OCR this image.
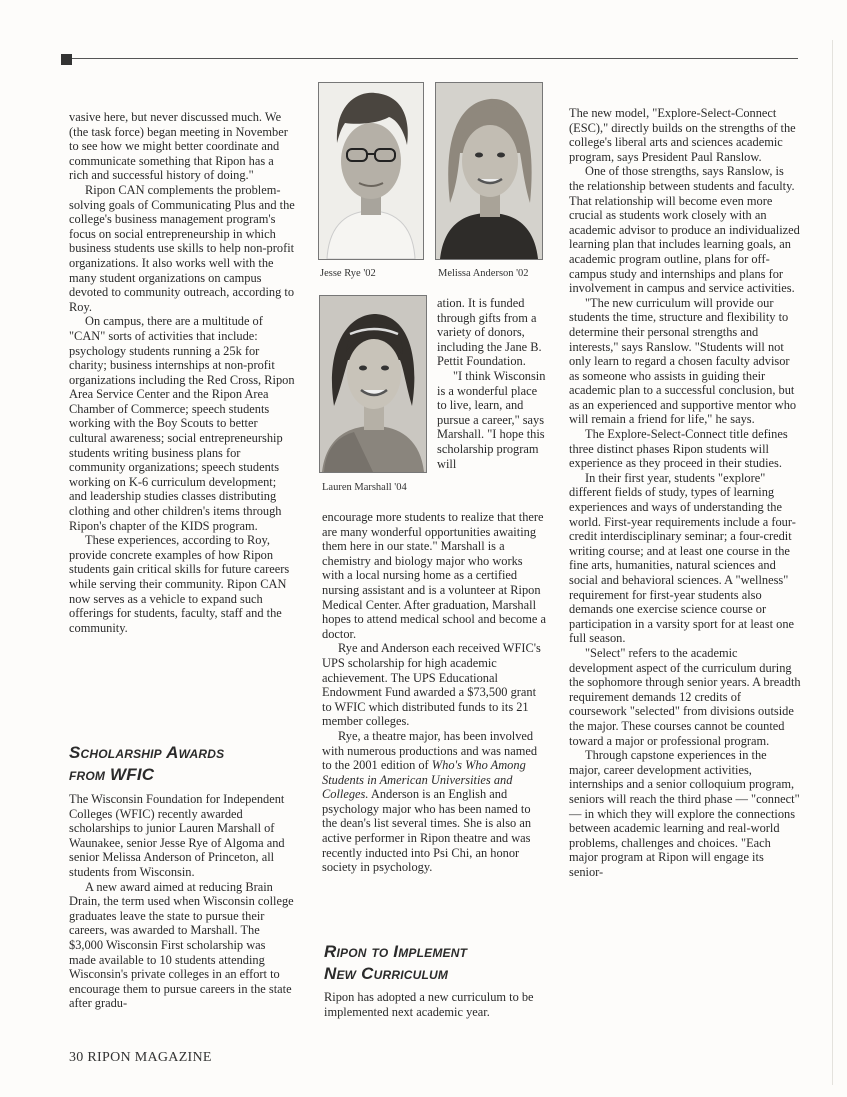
vasive here, but never discussed much. We (the task force) began meeting in November to see how we might better coordinate and communicate something that Ripon has a rich and successful history of doing."

Ripon CAN complements the problem-solving goals of Communicating Plus and the college's business management program's focus on social entrepreneurship in which business students use skills to help non-profit organizations. It also works well with the many student organizations on campus devoted to community outreach, according to Roy.

On campus, there are a multitude of "CAN" sorts of activities that include: psychology students running a 25k for charity; business internships at non-profit organizations including the Red Cross, Ripon Area Service Center and the Ripon Area Chamber of Commerce; speech students working with the Boy Scouts to better cultural awareness; social entrepreneurship students writing business plans for community organizations; speech students working on K-6 curriculum development; and leadership studies classes distributing clothing and other children's items through Ripon's chapter of the KIDS program.

These experiences, according to Roy, provide concrete examples of how Ripon students gain critical skills for future careers while serving their community. Ripon CAN now serves as a vehicle to expand such offerings for students, faculty, staff and the community.

Scholarship Awards

from WFIC

The Wisconsin Foundation for Independent Colleges (WFIC) recently awarded scholarships to junior Lauren Marshall of Waunakee, senior Jesse Rye of Algoma and senior Melissa Anderson of Princeton, all students from Wisconsin.

A new award aimed at reducing Brain Drain, the term used when Wisconsin college graduates leave the state to pursue their careers, was awarded to Marshall. The $3,000 Wisconsin First scholarship was made available to 10 students attending Wisconsin's private colleges in an effort to encourage them to pursue careers in the state after gradu-

Jesse Rye '02	Melissa Anderson '02
Lauren Marshall '04

ation. It is funded through gifts from a variety of donors, including the Jane B. Pettit Foundation.

"I think Wisconsin is a wonderful place to live, learn, and pursue a career," says Marshall. "I hope this scholarship program will

encourage more students to realize that there are many wonderful opportunities awaiting them here in our state." Marshall is a chemistry and biology major who works with a local nursing home as a certified nursing assistant and is a volunteer at Ripon Medical Center. After graduation, Marshall hopes to attend medical school and become a doctor.

Rye and Anderson each received WFIC's UPS scholarship for high academic achievement. The UPS Educational Endowment Fund awarded a $73,500 grant to WFIC which distributed funds to its 21 member colleges.

Rye, a theatre major, has been involved with numerous productions and was named to the 2001 edition of Who's Who Among Students in American Universities and Colleges. Anderson is an English and psychology major who has been named to the dean's list several times. She is also an active performer in Ripon theatre and was recently inducted into Psi Chi, an honor society in psychology.

Ripon to Implement

New Curriculum

Ripon has adopted a new curriculum to be implemented next academic year.

The new model, "Explore-Select-Connect (ESC)," directly builds on the strengths of the college's liberal arts and sciences academic program, says President Paul Ranslow.

One of those strengths, says Ranslow, is the relationship between students and faculty. That relationship will become even more crucial as students work closely with an academic advisor to produce an individualized learning plan that includes learning goals, an academic program outline, plans for off-campus study and internships and plans for involvement in campus and service activities.

"The new curriculum will provide our students the time, structure and flexibility to determine their personal strengths and interests," says Ranslow. "Students will not only learn to regard a chosen faculty advisor as someone who assists in guiding their academic plan to a successful conclusion, but as an experienced and supportive mentor who will remain a friend for life," he says.

The Explore-Select-Connect title defines three distinct phases Ripon students will experience as they proceed in their studies.

In their first year, students "explore" different fields of study, types of learning experiences and ways of understanding the world. First-year requirements include a four-credit interdisciplinary seminar; a four-credit writing course; and at least one course in the fine arts, humanities, natural sciences and social and behavioral sciences. A "wellness" requirement for first-year students also demands one exercise science course or participation in a varsity sport for at least one full season.

"Select" refers to the academic development aspect of the curriculum during the sophomore through senior years. A breadth requirement demands 12 credits of coursework "selected" from divisions outside the major. These courses cannot be counted toward a major or professional program.

Through capstone experiences in the major, career development activities, internships and a senior colloquium program, seniors will reach the third phase — "connect" — in which they will explore the connections between academic learning and real-world problems, challenges and choices. "Each major program at Ripon will engage its senior-

30 RIPON MAGAZINE
